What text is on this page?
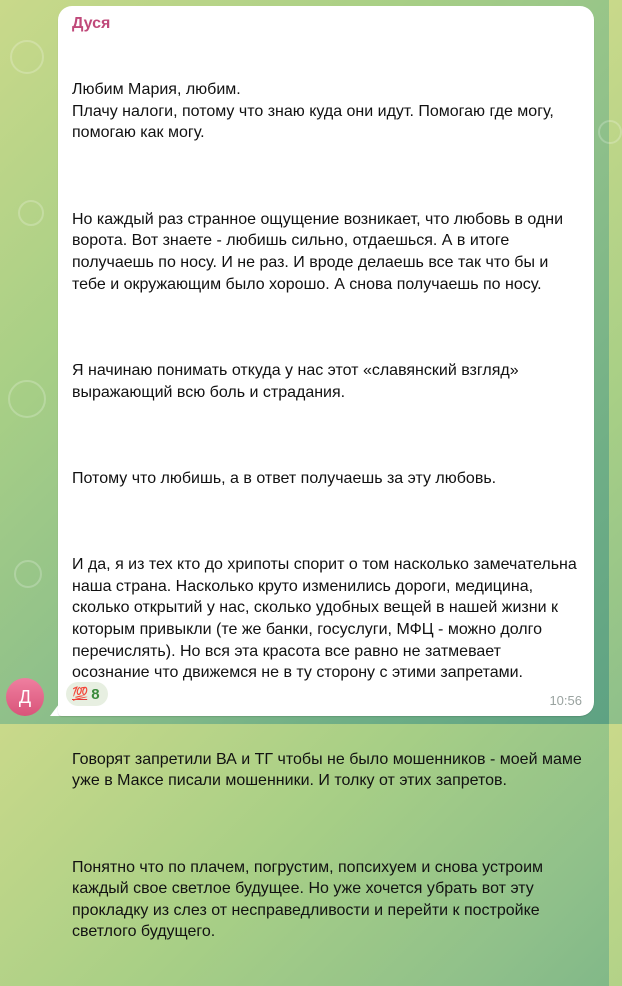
Д
Дуся

Любим Мария, любим.
Плачу налоги, потому что знаю куда они идут. Помогаю где могу, помогаю как могу.

Но каждый раз странное ощущение возникает, что любовь в одни ворота. Вот знаете - любишь сильно, отдаешься. А в итоге получаешь по носу. И не раз. И вроде делаешь все так что бы и тебе и окружающим было хорошо. А снова получаешь по носу.

Я начинаю понимать откуда у нас этот «славянский взгляд» выражающий всю боль и страдания.

Потому что любишь, а в ответ получаешь за эту любовь.

И да, я из тех кто до хрипоты спорит о том насколько замечательна наша страна. Насколько круто изменились дороги, медицина, сколько открытий у нас, сколько удобных вещей в нашей жизни к которым привыкли (те же банки, госуслуги, МФЦ - можно долго перечислять). Но вся эта красота все равно не затмевает осознание что движемся не в ту сторону с этими запретами.

Говорят запретили ВА и ТГ чтобы не было мошенников - моей маме уже в Максе писали мошенники. И толку от этих запретов.

Понятно что по плачем, погрустим, попсихуем и снова устроим каждый свое светлое будущее. Но уже хочется убрать вот эту прокладку из слез от несправедливости и перейти к постройке светлого будущего.

💯 8	10:56
